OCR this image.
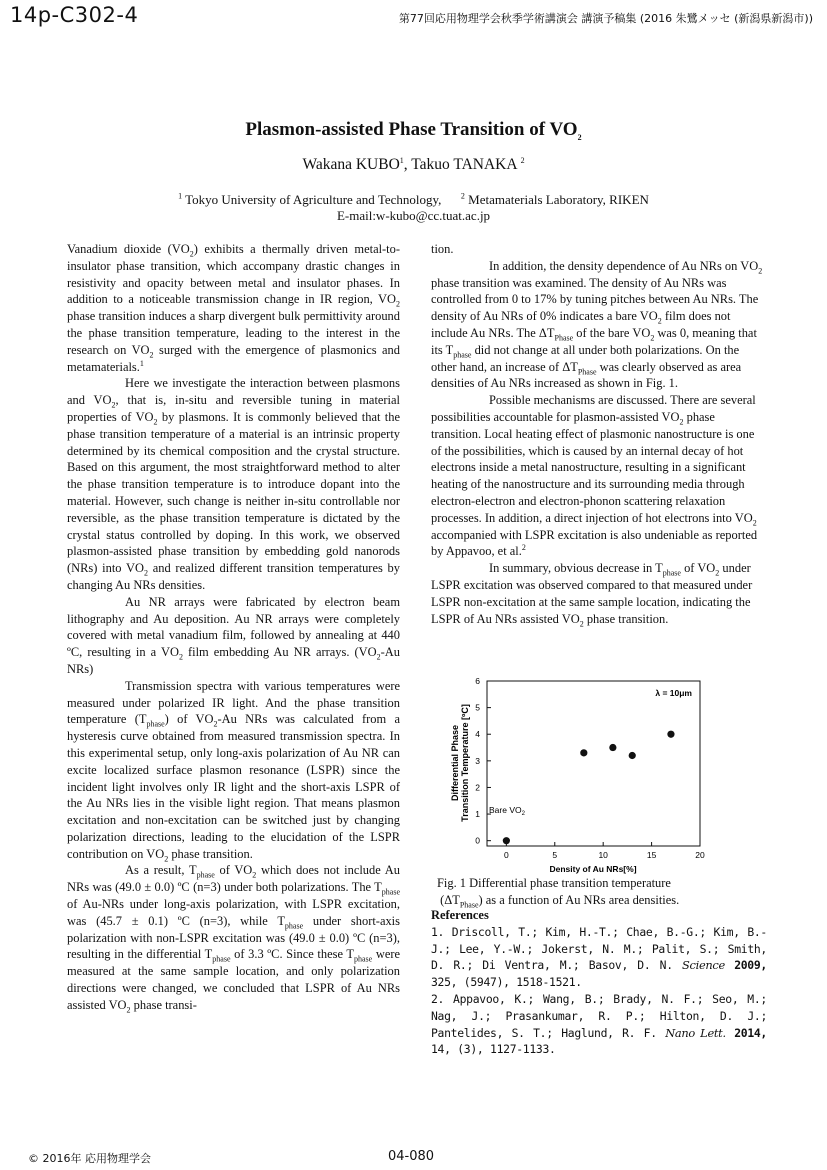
14p-C302-4	第77回応用物理学会秋季学術講演会 講演予稿集 (2016 朱鷺メッセ (新潟県新潟市))
Plasmon-assisted Phase Transition of $VO_2$
Wakana KUBO$^1$, Takuo TANAKA $^2$
$^1$ Tokyo University of Agriculture and Technology, $^2$ Metamaterials Laboratory, RIKEN
E-mail:w-kubo@cc.tuat.ac.jp

Vanadium dioxide $(VO_2)$ exhibits a thermally driven metal-to-insulator phase transition, which accompany drastic changes in resistivity and opacity between metal and insulator phases. In addition to a noticeable transmission change in IR region, $VO_2$ phase transition induces a sharp divergent bulk permittivity around the phase transition temperature, leading to the interest in the research on $VO_2$ surged with the emergence of plasmonics and metamaterials.$^1$

Here we investigate the interaction between plasmons and $VO_2$, that is, in-situ and reversible tuning in material properties of $VO_2$ by plasmons. It is commonly believed that the phase transition temperature of a material is an intrinsic property determined by its chemical composition and the crystal structure. Based on this argument, the most straightforward method to alter the phase transition temperature is to introduce dopant into the material. However, such change is neither in-situ controllable nor reversible, as the phase transition temperature is dictated by the crystal status controlled by doping. In this work, we observed plasmon-assisted phase transition by embedding gold nanorods (NRs) into $VO_2$ and realized different transition temperatures by changing Au NRs densities.

Au NR arrays were fabricated by electron beam lithography and Au deposition. Au NR arrays were completely covered with metal vanadium film, followed by annealing at 440 ºC, resulting in a $VO_2$ film embedding Au NR arrays. ($VO_2-Au$ NRs)

Transmission spectra with various temperatures were measured under polarized IR light. And the phase transition temperature $(T_{phase})$ of $VO_2-Au$ NRs was calculated from a hysteresis curve obtained from measured transmission spectra. In this experimental setup, only long-axis polarization of Au NR can excite localized surface plasmon resonance (LSPR) since the incident light involves only IR light and the short-axis LSPR of the Au NRs lies in the visible light region. That means plasmon excitation and non-excitation can be switched just by changing polarization directions, leading to the elucidation of the LSPR contribution on $VO_2$ phase transition.

As a result, $T_{phase}$ of $VO_2$ which does not include Au NRs was (49.0 ± 0.0) ºC (n=3) under both polarizations. The $T_{phase}$ of Au-NRs under long-axis polarization, with LSPR excitation, was (45.7 ± 0.1) ºC (n=3), while $T_{phase}$ under short-axis polarization with non-LSPR excitation was (49.0 ± 0.0) ºC (n=3), resulting in the differential $T_{phase}$ of 3.3 ºC. Since these $T_{phase}$ were measured at the same sample location, and only polarization directions were changed, we concluded that LSPR of Au NRs assisted $VO_2$ phase transi-

tion.

In addition, the density dependence of Au NRs on $VO_2$ phase transition was examined. The density of Au NRs was controlled from 0 to 17% by tuning pitches between Au NRs. The density of Au NRs of 0% indicates a bare $VO_2$ film does not include Au NRs. The $\Delta T_{Phase}$ of the bare $VO_2$ was 0, meaning that its $T_{phase}$ did not change at all under both polarizations. On the other hand, an increase of $\Delta T_{Phase}$ was clearly observed as area densities of Au NRs increased as shown in Fig. 1.

Possible mechanisms are discussed. There are several possibilities accountable for plasmon-assisted $VO_2$ phase transition. Local heating effect of plasmonic nanostructure is one of the possibilities, which is caused by an internal decay of hot electrons inside a metal nanostructure, resulting in a significant heating of the nanostructure and its surrounding media through electron-electron and electron-phonon scattering relaxation processes. In addition, a direct injection of hot electrons into $VO_2$ accompanied with LSPR excitation is also undeniable as reported by Appavoo, et al.$^2$

In summary, obvious decrease in $T_{phase}$ of $VO_2$ under LSPR excitation was observed compared to that measured under LSPR non-excitation at the same sample location, indicating the LSPR of Au NRs assisted $VO_2$ phase transition.

0	5	10	15	20
0
1
2
3
4
5
6
λ = 10μm
Bare $VO_2$
Density of Au NRs[%]
Differential Phase Transition Temperature [ºC]
Fig. 1 Differential phase transition temperature
$(\Delta T_{Phase})$ as a function of Au NRs area densities.
References
1. Driscoll, T.; Kim, H.-T.; Chae, B.-G.; Kim, B.-J.; Lee, Y.-W.; Jokerst, N. M.; Palit, S.; Smith, D. R.; Di Ventra, M.; Basov, D. N. Science 2009, 325, (5947), 1518-1521.
2. Appavoo, K.; Wang, B.; Brady, N. F.; Seo, M.; Nag, J.; Prasankumar, R. P.; Hilton, D. J.; Pantelides, S. T.; Haglund, R. F. Nano Lett. 2014, 14, (3), 1127-1133.
© 2016年 応用物理学会	04-080
